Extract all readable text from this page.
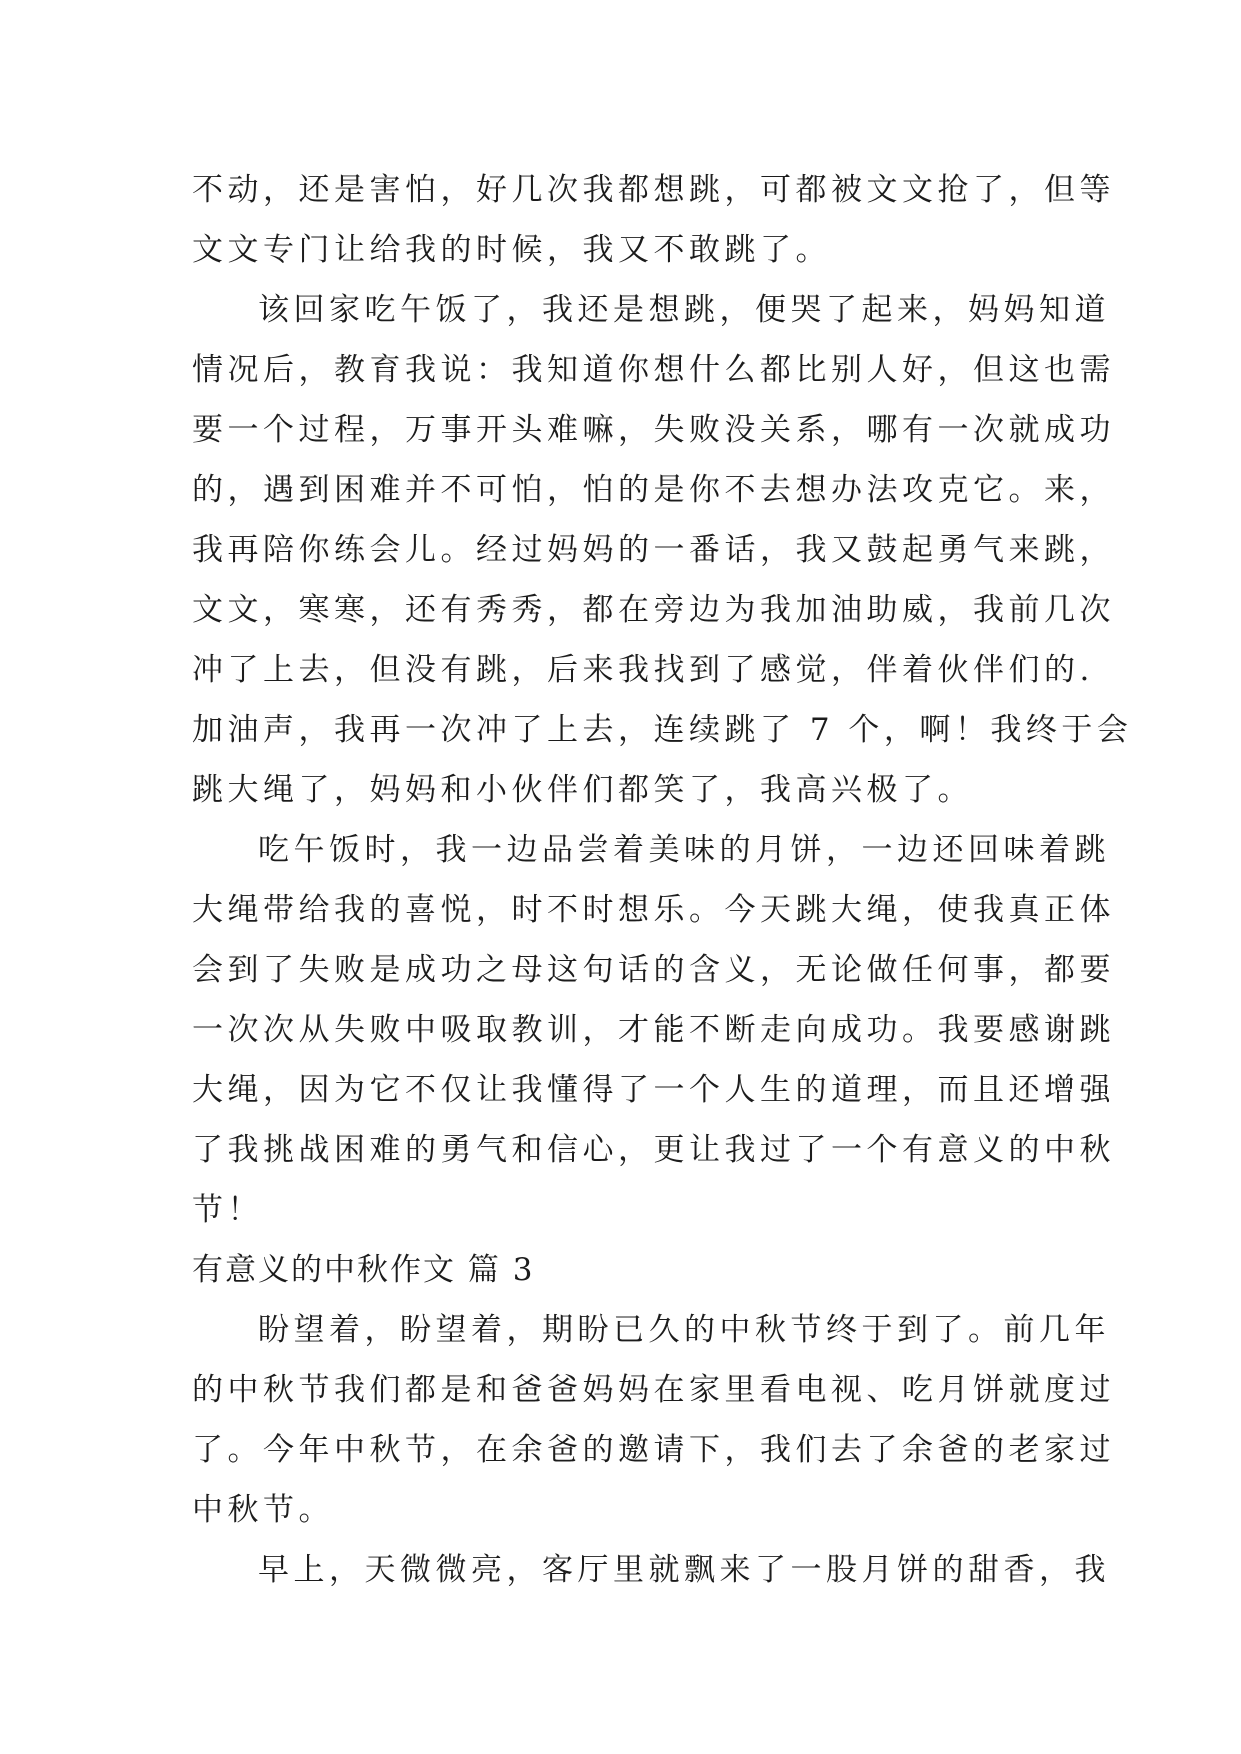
不动，还是害怕，好几次我都想跳，可都被文文抢了，但等
文文专门让给我的时候，我又不敢跳了。
该回家吃午饭了，我还是想跳，便哭了起来，妈妈知道
情况后，教育我说：我知道你想什么都比别人好，但这也需
要一个过程，万事开头难嘛，失败没关系，哪有一次就成功
的，遇到困难并不可怕，怕的是你不去想办法攻克它。来，
我再陪你练会儿。经过妈妈的一番话，我又鼓起勇气来跳，
文文，寒寒，还有秀秀，都在旁边为我加油助威，我前几次
冲了上去，但没有跳，后来我找到了感觉，伴着伙伴们的.
加油声，我再一次冲了上去，连续跳了 7 个，啊！我终于会
跳大绳了，妈妈和小伙伴们都笑了，我高兴极了。
吃午饭时，我一边品尝着美味的月饼，一边还回味着跳
大绳带给我的喜悦，时不时想乐。今天跳大绳，使我真正体
会到了失败是成功之母这句话的含义，无论做任何事，都要
一次次从失败中吸取教训，才能不断走向成功。我要感谢跳
大绳，因为它不仅让我懂得了一个人生的道理，而且还增强
了我挑战困难的勇气和信心，更让我过了一个有意义的中秋
节！
有意义的中秋作文 篇 3
盼望着，盼望着，期盼已久的中秋节终于到了。前几年
的中秋节我们都是和爸爸妈妈在家里看电视、吃月饼就度过
了。今年中秋节，在余爸的邀请下，我们去了余爸的老家过
中秋节。
早上，天微微亮，客厅里就飘来了一股月饼的甜香，我
